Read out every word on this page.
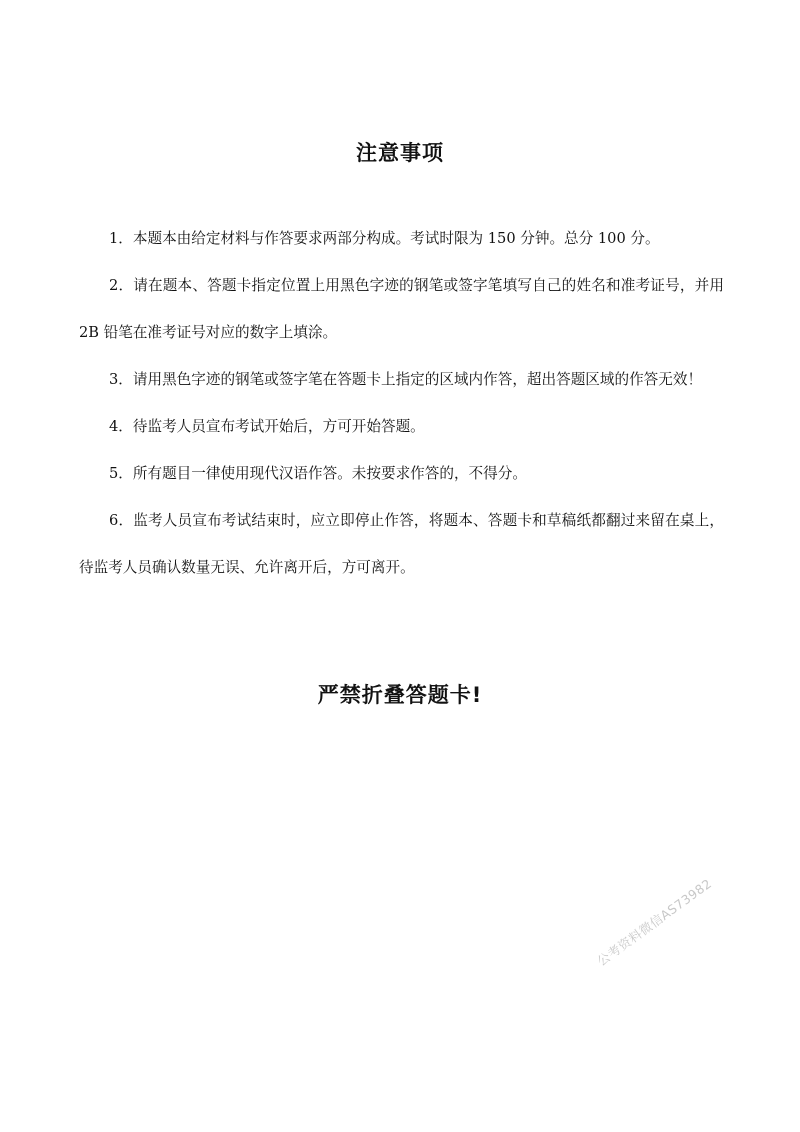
注意事项
1．本题本由给定材料与作答要求两部分构成。考试时限为 150 分钟。总分 100 分。
2．请在题本、答题卡指定位置上用黑色字迹的钢笔或签字笔填写自己的姓名和准考证号，并用 2B 铅笔在准考证号对应的数字上填涂。
3．请用黑色字迹的钢笔或签字笔在答题卡上指定的区域内作答，超出答题区域的作答无效！
4．待监考人员宣布考试开始后，方可开始答题。
5．所有题目一律使用现代汉语作答。未按要求作答的，不得分。
6．监考人员宣布考试结束时，应立即停止作答，将题本、答题卡和草稿纸都翻过来留在桌上，待监考人员确认数量无误、允许离开后，方可离开。
严禁折叠答题卡!
公考资料微信AS73982
